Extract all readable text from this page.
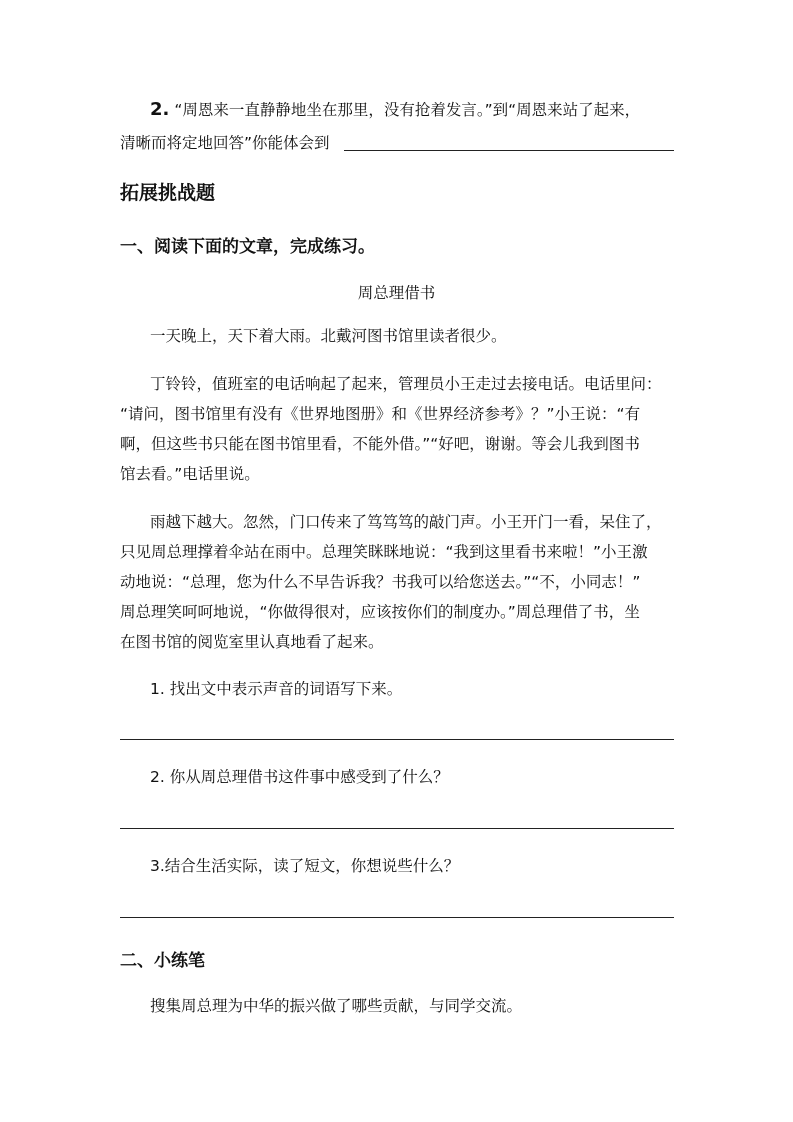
2. “周恩来一直静静地坐在那里，没有抢着发言。”到“周恩来站了起来，
清晰而将定地回答”你能体会到
拓展挑战题
一、阅读下面的文章，完成练习。
周总理借书
一天晚上，天下着大雨。北戴河图书馆里读者很少。
丁铃铃，值班室的电话响起了起来，管理员小王走过去接电话。电话里问：
“请问，图书馆里有没有《世界地图册》和《世界经济参考》？”小王说：“有
啊，但这些书只能在图书馆里看，不能外借。”“好吧，谢谢。等会儿我到图书
馆去看。”电话里说。
雨越下越大。忽然，门口传来了笃笃笃的敲门声。小王开门一看，呆住了，
只见周总理撑着伞站在雨中。总理笑眯眯地说：“我到这里看书来啦！”小王激
动地说：“总理，您为什么不早告诉我？书我可以给您送去。”“不，小同志！”
周总理笑呵呵地说，“你做得很对，应该按你们的制度办。”周总理借了书，坐
在图书馆的阅览室里认真地看了起来。
1. 找出文中表示声音的词语写下来。
2. 你从周总理借书这件事中感受到了什么？
3.结合生活实际，读了短文，你想说些什么？
二、小练笔
搜集周总理为中华的振兴做了哪些贡献，与同学交流。
